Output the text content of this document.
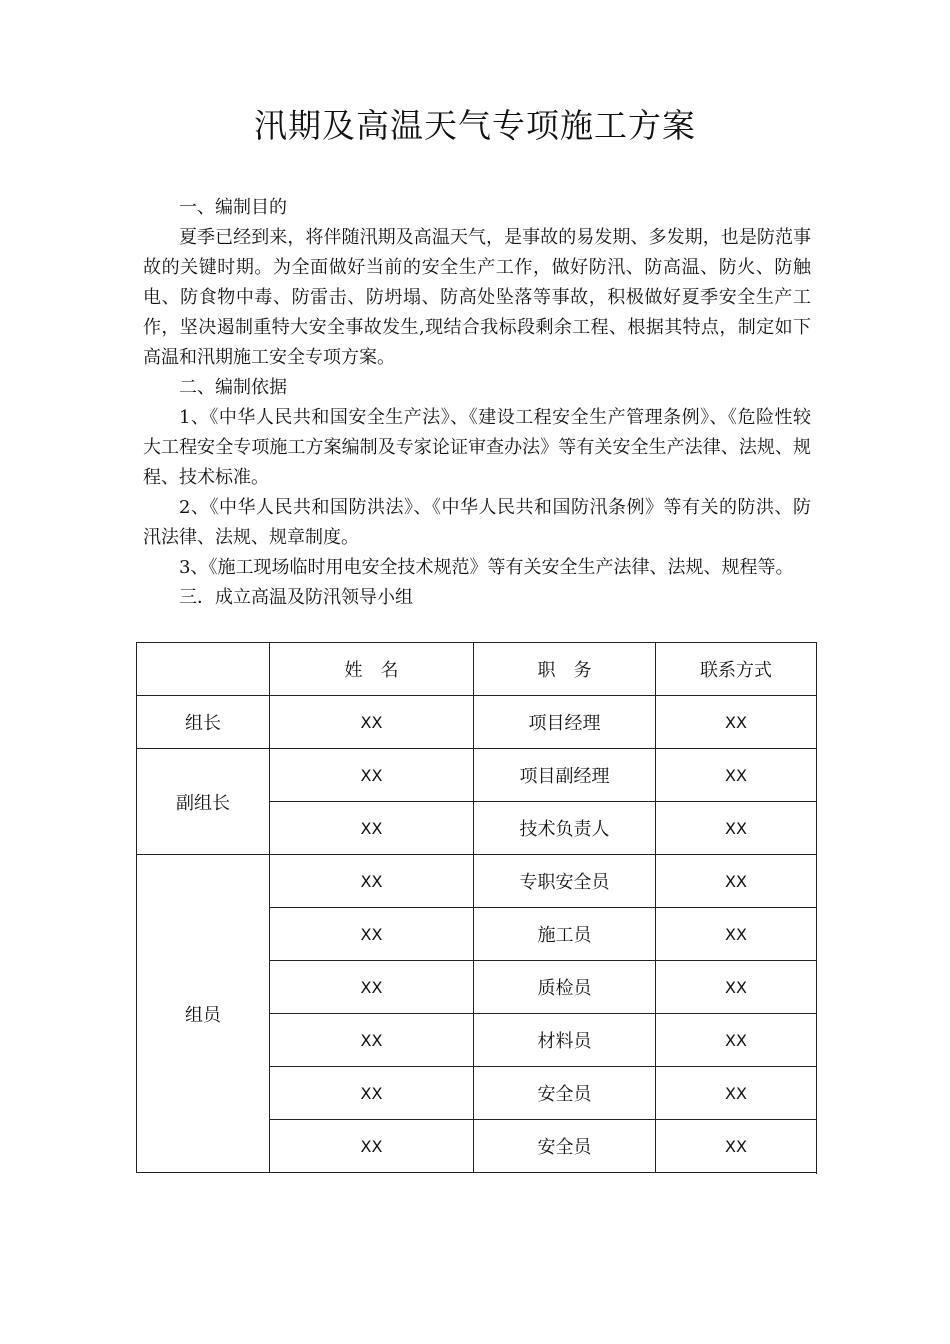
汛期及高温天气专项施工方案

一、编制目的

夏季已经到来，将伴随汛期及高温天气，是事故的易发期、多发期，也是防范事故的关键时期。为全面做好当前的安全生产工作，做好防汛、防高温、防火、防触电、防食物中毒、防雷击、防坍塌、防高处坠落等事故，积极做好夏季安全生产工作，坚决遏制重特大安全事故发生,现结合我标段剩余工程、根据其特点，制定如下高温和汛期施工安全专项方案。

二、编制依据

1、《中华人民共和国安全生产法》、《建设工程安全生产管理条例》、《危险性较大工程安全专项施工方案编制及专家论证审查办法》等有关安全生产法律、法规、规程、技术标准。

2、《中华人民共和国防洪法》、《中华人民共和国防汛条例》等有关的防洪、防汛法律、法规、规章制度。

3、《施工现场临时用电安全技术规范》等有关安全生产法律、法规、规程等。

三．成立高温及防汛领导小组

	姓　名	职　务	联系方式
组长	XX	项目经理	XX
副组长	XX	项目副经理	XX
	XX	技术负责人	XX
组员	XX	专职安全员	XX
	XX	施工员	XX
	XX	质检员	XX
	XX	材料员	XX
	XX	安全员	XX
	XX	安全员	XX
